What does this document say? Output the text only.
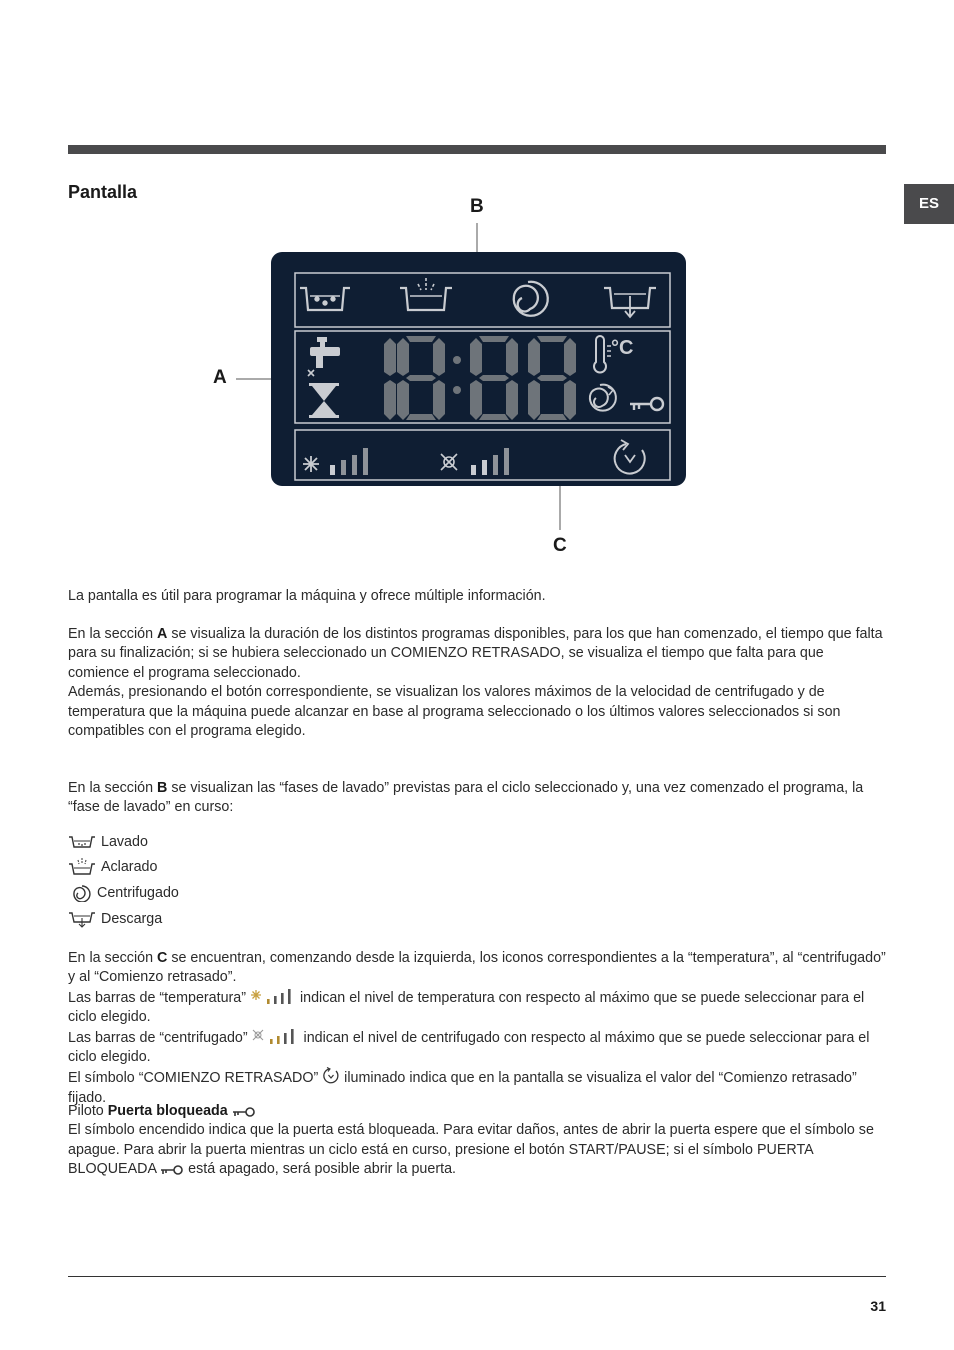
ES
Pantalla
°C
B
A
C

La pantalla es útil para programar la máquina y ofrece múltiple información.

En la sección A se visualiza la duración de los distintos programas disponibles, para los que han comenzado, el tiempo que falta para su finalización; si se hubiera seleccionado un COMIENZO RETRASADO, se visualiza el tiempo que falta para que comience el programa seleccionado.

Además, presionando el botón correspondiente, se visualizan los valores máximos de la velocidad de centrifugado y de temperatura que la máquina puede alcanzar en base al programa seleccionado o los últimos valores seleccionados si son compatibles con el programa elegido.

En la sección B se visualizan las “fases de lavado” previstas para el ciclo seleccionado y, una vez comenzado el programa, la “fase de lavado” en curso:

Lavado
Aclarado
Centrifugado
Descarga

En la sección C se encuentran, comenzando desde la izquierda, los iconos correspondientes a la “temperatura”, al “centrifugado” y al “Comienzo retrasado”.

Las barras de “temperatura”	indican el nivel de temperatura con respecto al máximo que se puede seleccionar para el ciclo elegido.

Las barras de “centrifugado”	indican el nivel de centrifugado con respecto al máximo que se puede seleccionar para el ciclo elegido.

El símbolo “COMIENZO RETRASADO”  iluminado indica que en la pantalla se visualiza el valor del “Comienzo retrasado” fijado.

Piloto Puerta bloqueada

El símbolo encendido indica que la puerta está bloqueada. Para evitar daños, antes de abrir la puerta espere que el símbolo se apague. Para abrir la puerta mientras un ciclo está en curso, presione el botón START/PAUSE; si el símbolo PUERTA BLOQUEADA  está apagado, será posible abrir la puerta.

31
